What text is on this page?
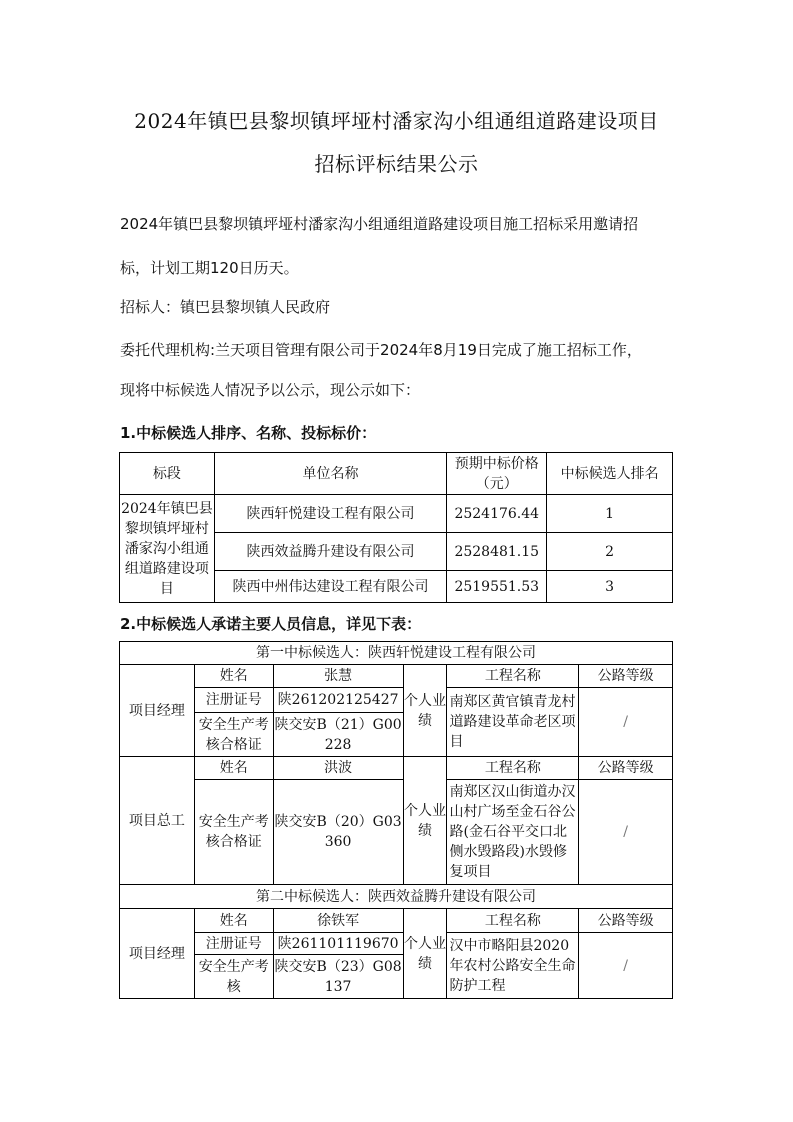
2024年镇巴县黎坝镇坪垭村潘家沟小组通组道路建设项目
招标评标结果公示
2024年镇巴县黎坝镇坪垭村潘家沟小组通组道路建设项目施工招标采用邀请招
标，计划工期120日历天。
招标人：镇巴县黎坝镇人民政府
委托代理机构:兰天项目管理有限公司于2024年8月19日完成了施工招标工作，
现将中标候选人情况予以公示，现公示如下：
1.中标候选人排序、名称、投标标价：
标段	单位名称	预期中标价格（元）	中标候选人排名
2024年镇巴县黎坝镇坪垭村潘家沟小组通组道路建设项目	陕西轩悦建设工程有限公司	2524176.44	1
	陕西效益腾升建设有限公司	2528481.15	2
	陕西中州伟达建设工程有限公司	2519551.53	3
2.中标候选人承诺主要人员信息，详见下表：
第一中标候选人：陕西轩悦建设工程有限公司					
项目经理	姓名	张慧	个人业绩	工程名称	公路等级
	注册证号	陕261202125427		南郑区黄官镇青龙村道路建设革命老区项目	/
	安全生产考核合格证	陕交安B（21）G00228			

项目总工	姓名	洪波	个人业绩	工程名称	公路等级
	安全生产考核合格证	陕交安B（20）G03360		南郑区汉山街道办汉山村广场至金石谷公路(金石谷平交口北侧水毁路段)水毁修复项目	/
第二中标候选人：陕西效益腾升建设有限公司					
项目经理	姓名	徐铁军	个人业绩	工程名称	公路等级
	注册证号	陕261101119670		汉中市略阳县2020年农村公路安全生命防护工程	/
	安全生产考核	陕交安B（23）G08137			
